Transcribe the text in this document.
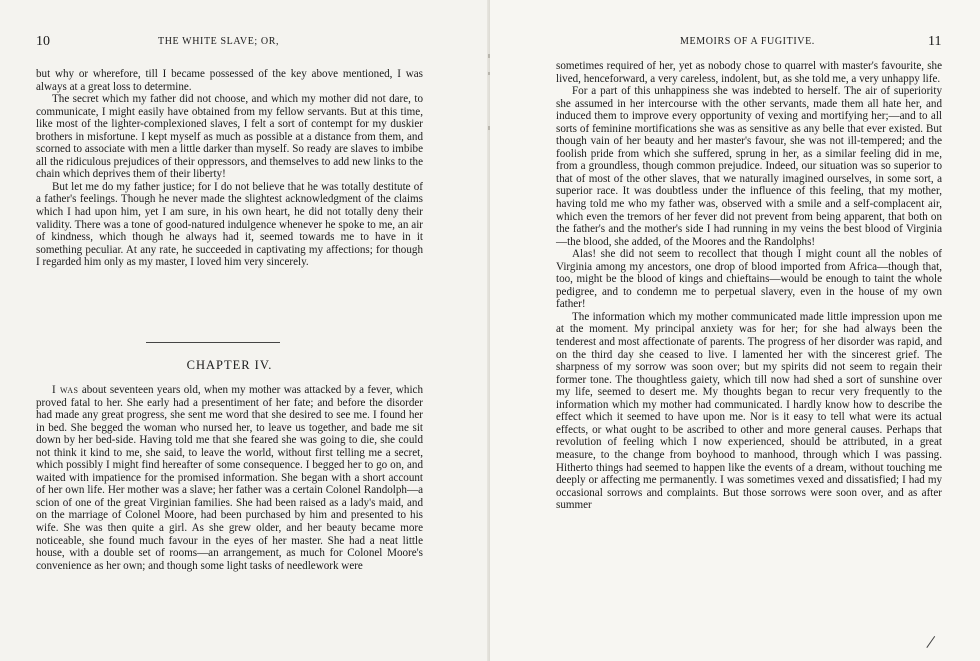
10	THE WHITE SLAVE; OR,

but why or wherefore, till I became possessed of the key above mentioned, I was always at a great loss to determine.

The secret which my father did not choose, and which my mother did not dare, to communicate, I might easily have obtained from my fellow servants. But at this time, like most of the lighter-complexioned slaves, I felt a sort of contempt for my duskier brothers in misfortune. I kept myself as much as possible at a distance from them, and scorned to associate with men a little darker than myself. So ready are slaves to imbibe all the ridiculous prejudices of their oppressors, and themselves to add new links to the chain which deprives them of their liberty!

But let me do my father justice; for I do not believe that he was totally destitute of a father's feelings. Though he never made the slightest acknowledgment of the claims which I had upon him, yet I am sure, in his own heart, he did not totally deny their validity. There was a tone of good-natured indulgence whenever he spoke to me, an air of kindness, which though he always had it, seemed towards me to have in it something peculiar. At any rate, he succeeded in captivating my affections; for though I regarded him only as my master, I loved him very sincerely.

CHAPTER IV.

I was about seventeen years old, when my mother was attacked by a fever, which proved fatal to her. She early had a presentiment of her fate; and before the disorder had made any great progress, she sent me word that she desired to see me. I found her in bed. She begged the woman who nursed her, to leave us together, and bade me sit down by her bed-side. Having told me that she feared she was going to die, she could not think it kind to me, she said, to leave the world, without first telling me a secret, which possibly I might find hereafter of some consequence. I begged her to go on, and waited with impatience for the promised information. She began with a short account of her own life. Her mother was a slave; her father was a certain Colonel Randolph—a scion of one of the great Virginian families. She had been raised as a lady's maid, and on the marriage of Colonel Moore, had been purchased by him and presented to his wife. She was then quite a girl. As she grew older, and her beauty became more noticeable, she found much favour in the eyes of her master. She had a neat little house, with a double set of rooms—an arrangement, as much for Colonel Moore's convenience as her own; and though some light tasks of needlework were

MEMOIRS OF A FUGITIVE.	11

sometimes required of her, yet as nobody chose to quarrel with master's favourite, she lived, henceforward, a very careless, indolent, but, as she told me, a very unhappy life.

For a part of this unhappiness she was indebted to herself. The air of superiority she assumed in her intercourse with the other servants, made them all hate her, and induced them to improve every opportunity of vexing and mortifying her;—and to all sorts of feminine mortifications she was as sensitive as any belle that ever existed. But though vain of her beauty and her master's favour, she was not ill-tempered; and the foolish pride from which she suffered, sprung in her, as a similar feeling did in me, from a groundless, though common prejudice. Indeed, our situation was so superior to that of most of the other slaves, that we naturally imagined ourselves, in some sort, a superior race. It was doubtless under the influence of this feeling, that my mother, having told me who my father was, observed with a smile and a self-complacent air, which even the tremors of her fever did not prevent from being apparent, that both on the father's and the mother's side I had running in my veins the best blood of Virginia—the blood, she added, of the Moores and the Randolphs!

Alas! she did not seem to recollect that though I might count all the nobles of Virginia among my ancestors, one drop of blood imported from Africa—though that, too, might be the blood of kings and chieftains—would be enough to taint the whole pedigree, and to condemn me to perpetual slavery, even in the house of my own father!

The information which my mother communicated made little impression upon me at the moment. My principal anxiety was for her; for she had always been the tenderest and most affectionate of parents. The progress of her disorder was rapid, and on the third day she ceased to live. I lamented her with the sincerest grief. The sharpness of my sorrow was soon over; but my spirits did not seem to regain their former tone. The thoughtless gaiety, which till now had shed a sort of sunshine over my life, seemed to desert me. My thoughts began to recur very frequently to the information which my mother had communicated. I hardly know how to describe the effect which it seemed to have upon me. Nor is it easy to tell what were its actual effects, or what ought to be ascribed to other and more general causes. Perhaps that revolution of feeling which I now experienced, should be attributed, in a great measure, to the change from boyhood to manhood, through which I was passing. Hitherto things had seemed to happen like the events of a dream, without touching me deeply or affecting me permanently. I was sometimes vexed and dissatisfied; I had my occasional sorrows and complaints. But those sorrows were soon over, and as after summer
